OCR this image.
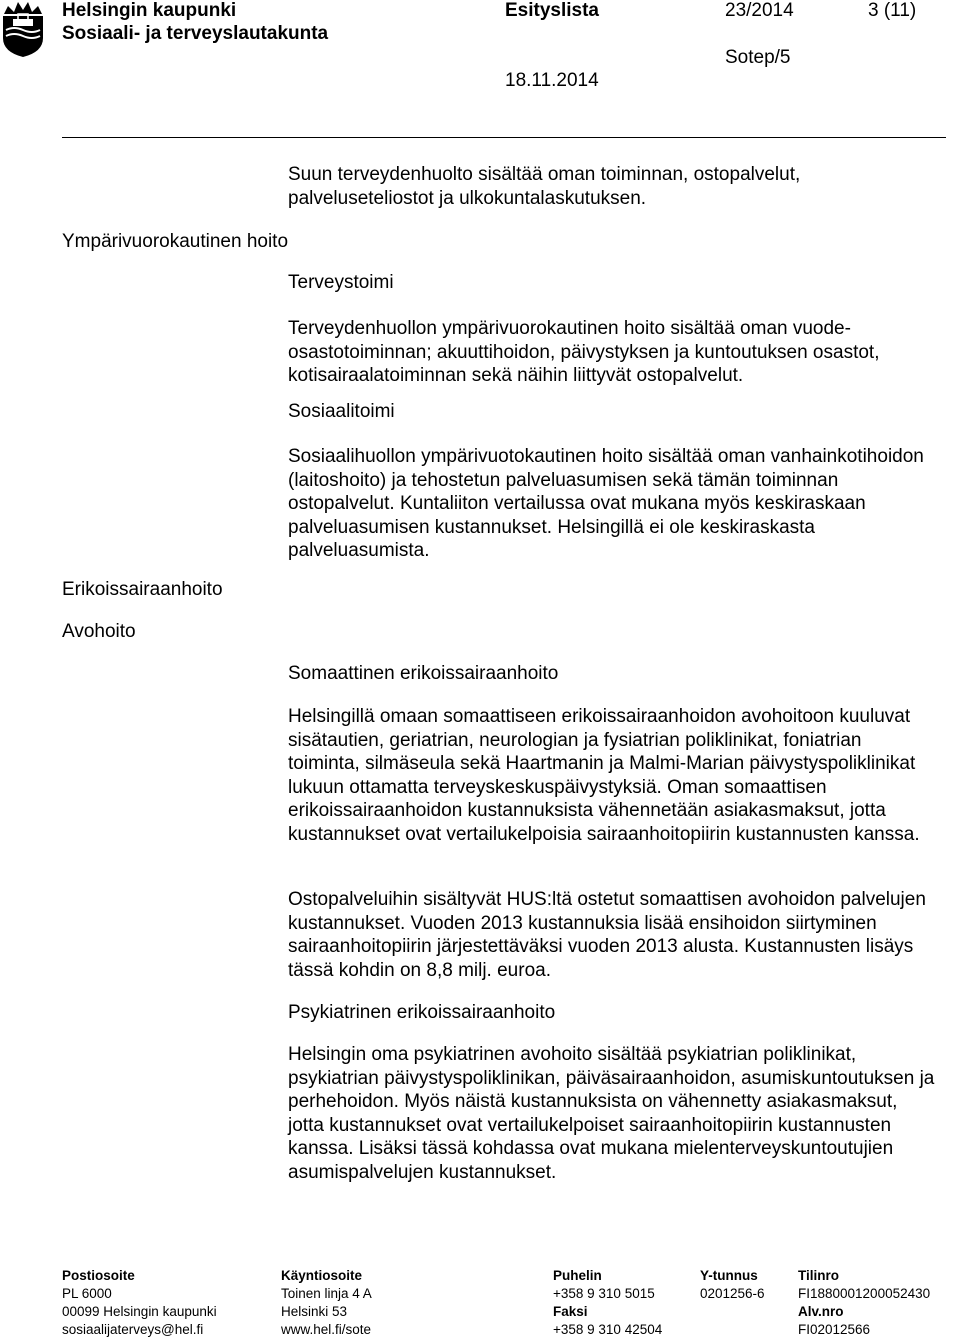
Helsingin kaupunki
Sosiaali- ja terveyslautakunta
Esityslista	23/2014	3 (11)
Sotep/5
18.11.2014
Ympärivuorokautinen hoito
Erikoissairaanhoito
Avohoito

Suun terveydenhuolto sisältää oman toiminnan, ostopalvelut, palveluseteliostot ja ulkokuntalaskutuksen.

Terveystoimi

Terveydenhuollon ympärivuorokautinen hoito sisältää oman vuode-osastotoiminnan; akuuttihoidon, päivystyksen ja kuntoutuksen osastot, kotisairaalatoiminnan sekä näihin liittyvät ostopalvelut.

Sosiaalitoimi

Sosiaalihuollon ympärivuotokautinen hoito sisältää oman vanhainkotihoidon (laitoshoito) ja tehostetun palveluasumisen sekä tämän toiminnan ostopalvelut. Kuntaliiton vertailussa ovat mukana myös keskiraskaan palveluasumisen kustannukset. Helsingillä ei ole keskiraskasta palveluasumista.

Somaattinen erikoissairaanhoito

Helsingillä omaan somaattiseen erikoissairaanhoidon avohoitoon kuuluvat sisätautien, geriatrian, neurologian ja fysiatrian poliklinikat, foniatrian toiminta, silmäseula sekä Haartmanin ja Malmi-Marian päivystyspoliklinikat lukuun ottamatta terveyskeskuspäivystyksiä. Oman somaattisen erikoissairaanhoidon kustannuksista vähennetään asiakasmaksut, jotta kustannukset ovat vertailukelpoisia sairaanhoitopiirin kustannusten kanssa.

Ostopalveluihin sisältyvät HUS:ltä ostetut somaattisen avohoidon palvelujen kustannukset. Vuoden 2013 kustannuksia lisää ensihoidon siirtyminen sairaanhoitopiirin järjestettäväksi vuoden 2013 alusta. Kustannusten lisäys tässä kohdin on 8,8 milj. euroa.

Psykiatrinen erikoissairaanhoito

Helsingin oma psykiatrinen avohoito sisältää psykiatrian poliklinikat, psykiatrian päivystyspoliklinikan, päiväsairaanhoidon, asumiskuntoutuksen ja perhehoidon. Myös näistä kustannuksista on vähennetty asiakasmaksut, jotta kustannukset ovat vertailukelpoiset sairaanhoitopiirin kustannusten kanssa. Lisäksi tässä kohdassa ovat mukana mielenterveyskuntoutujien asumispalvelujen kustannukset.

Postiosoite
PL 6000
00099 Helsingin kaupunki
sosiaalijaterveys@hel.fi
Käyntiosoite
Toinen linja 4 A
Helsinki 53
www.hel.fi/sote
Puhelin
+358 9 310 5015
Faksi
+358 9 310 42504
Y-tunnus
0201256-6
Tilinro
FI1880001200052430
Alv.nro
FI02012566
